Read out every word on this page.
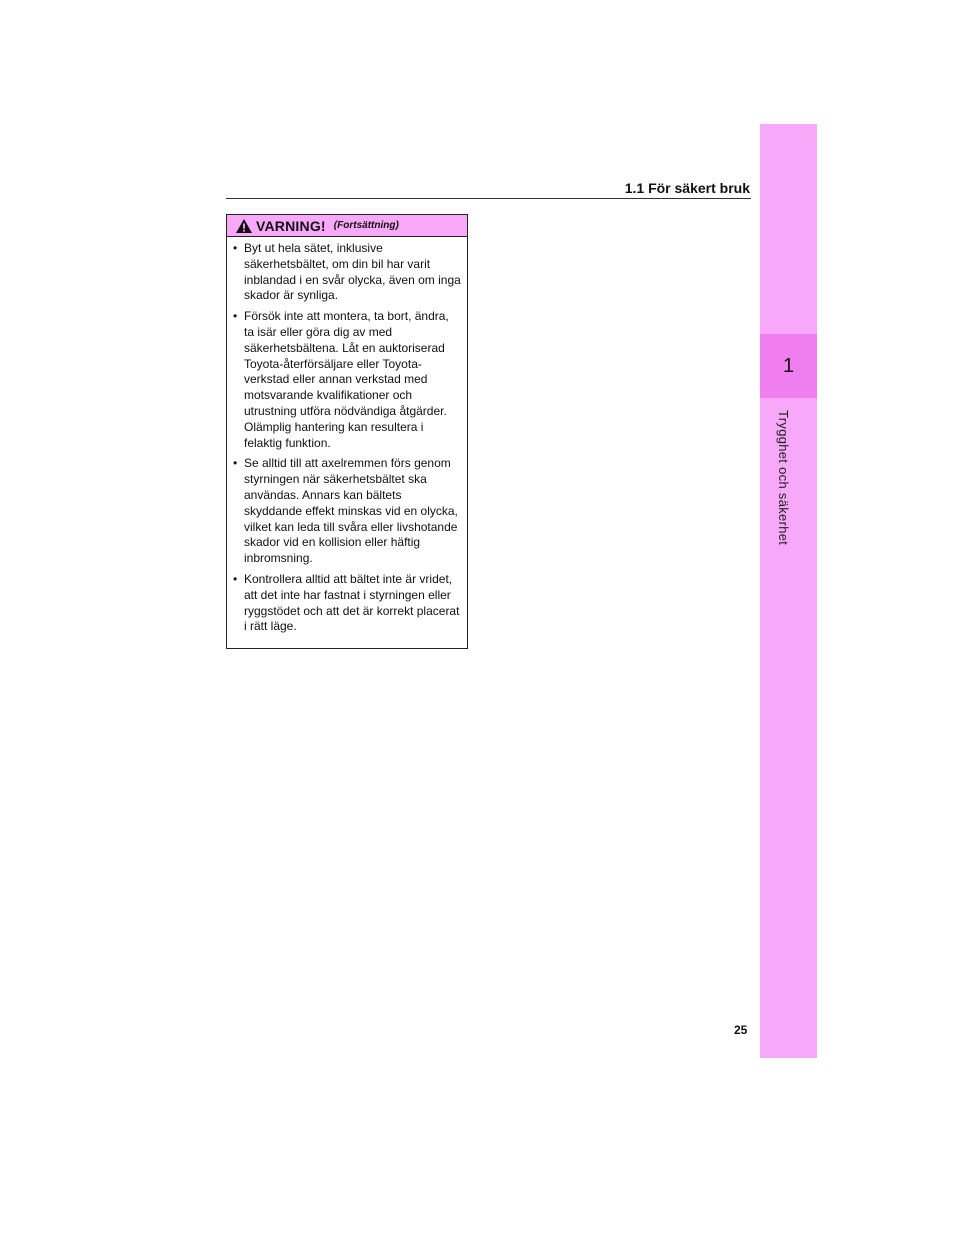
1
Trygghet och säkerhet
1.1 För säkert bruk
VARNING! (Fortsättning)
• Byt ut hela sätet, inklusive säkerhetsbältet, om din bil har varit inblandad i en svår olycka, även om inga skador är synliga.
• Försök inte att montera, ta bort, ändra, ta isär eller göra dig av med säkerhetsbältena. Låt en auktoriserad Toyota-återförsäljare eller Toyota-verkstad eller annan verkstad med motsvarande kvalifikationer och utrustning utföra nödvändiga åtgärder. Olämplig hantering kan resultera i felaktig funktion.
• Se alltid till att axelremmen förs genom styrningen när säkerhetsbältet ska användas. Annars kan bältets skyddande effekt minskas vid en olycka, vilket kan leda till svåra eller livshotande skador vid en kollision eller häftig inbromsning.
• Kontrollera alltid att bältet inte är vridet, att det inte har fastnat i styrningen eller ryggstödet och att det är korrekt placerat i rätt läge.
25
